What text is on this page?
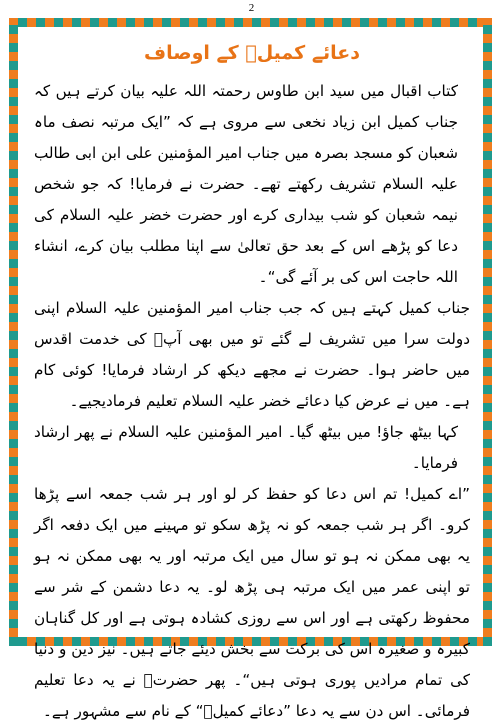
2
دعائے کمیلؔ کے اوصاف

کتاب اقبال میں سید ابن طاوس رحمتہ اللہ علیہ بیان کرتے ہیں کہ جناب کمیل ابن زیاد نخعی سے مروی ہے کہ ”ایک مرتبہ نصف ماہ شعبان کو مسجد بصرہ میں جناب امیر المؤمنین علی ابن ابی طالب علیہ السلام تشریف رکھتے تھے۔ حضرت نے فرمایا! کہ جو شخص نیمہ شعبان کو شب بیداری کرے اور حضرت خضر علیہ السلام کی دعا کو پڑھے اس کے بعد حق تعالیٰ سے اپنا مطلب بیان کرے، انشاء اللہ حاجت اس کی بر آئے گی“۔

جناب کمیل کہتے ہیں کہ جب جناب امیر المؤمنین علیہ السلام اپنی دولت سرا میں تشریف لے گئے تو میں بھی آپؑ کی خدمت اقدس میں حاضر ہوا۔ حضرت نے مجھے دیکھ کر ارشاد فرمایا! کوئی کام ہے۔ میں نے عرض کیا دعائے خضر علیہ السلام تعلیم فرمادیجیے۔

کہا بیٹھ جاؤ! میں بیٹھ گیا۔ امیر المؤمنین علیہ السلام نے پھر ارشاد فرمایا۔

”اے کمیل! تم اس دعا کو حفظ کر لو اور ہر شب جمعہ اسے پڑھا کرو۔ اگر ہر شب جمعہ کو نہ پڑھ سکو تو مہینے میں ایک دفعہ اگر یہ بھی ممکن نہ ہو تو سال میں ایک مرتبہ اور یہ بھی ممکن نہ ہو تو اپنی عمر میں ایک مرتبہ ہی پڑھ لو۔ یہ دعا دشمن کے شر سے محفوظ رکھتی ہے اور اس سے روزی کشادہ ہوتی ہے اور کل گناہان کبیرہ و صغیرہ اس کی برکت سے بخش دیئے جاتے ہیں۔ نیز دین و دنیا کی تمام مرادیں پوری ہوتی ہیں“۔ پھر حضرتؑ نے یہ دعا تعلیم فرمائی۔ اس دن سے یہ دعا ”دعائے کمیلؔ“ کے نام سے مشہور ہے۔
